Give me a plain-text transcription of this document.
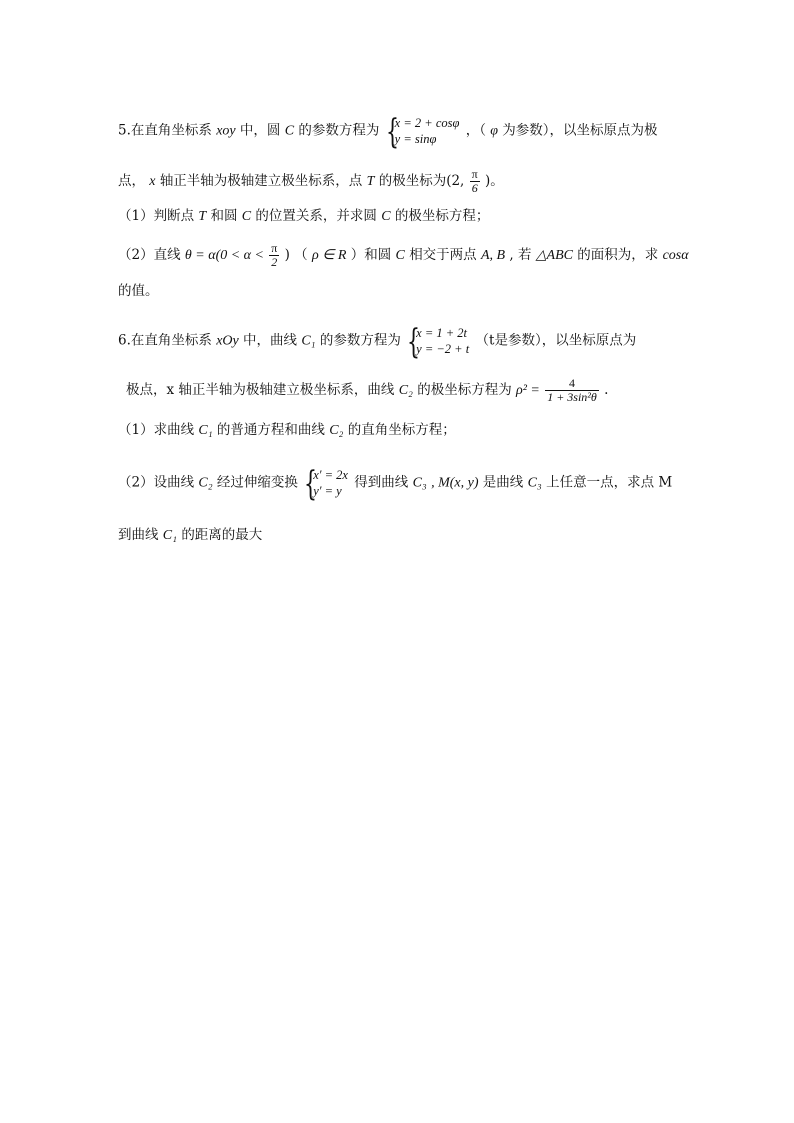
5.在直角坐标系 xoy 中，圆 C 的参数方程为 {
x = 2 + cosφ
y = sinφ
，（ φ 为参数），以坐标原点为极
点， x 轴正半轴为极轴建立极坐标系，点 T 的极坐标为(2, $\frac{\pi}{6}$ )。
（1）判断点 T 和圆 C 的位置关系，并求圆 C 的极坐标方程；
（2）直线 $\theta = \alpha(0 < \alpha < \frac{\pi}{2}$ ) （ ρ ∈ R ）和圆 C 相交于两点 A, B , 若 △ABC 的面积为，求 cosα
的值。
6.在直角坐标系 xOy 中，曲线 C₁ 的参数方程为 {
x = 1 + 2t
y = −2 + t
（t是参数），以坐标原点为
极点，x 轴正半轴为极轴建立极坐标系，曲线 C₂ 的极坐标方程为 $\rho^2 = \frac{4}{\text{1 + 3sin²θ}}$ .
（1）求曲线 C₁ 的普通方程和曲线 C₂ 的直角坐标方程；
（2）设曲线 C₂ 经过伸缩变换 {
x′ = 2x
y′ = y
得到曲线 C₃ , M(x, y) 是曲线 C₃ 上任意一点，求点 M
到曲线 C₁ 的距离的最大
